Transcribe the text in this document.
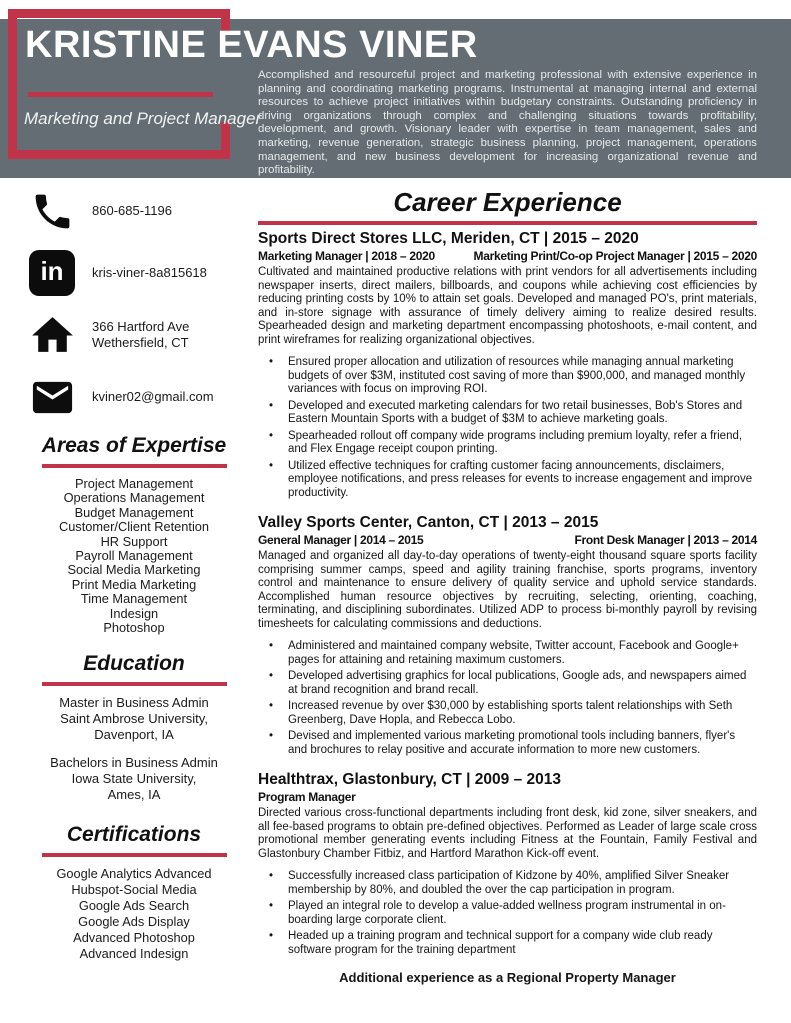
KRISTINE EVANS VINER
Marketing and Project Manager

Accomplished and resourceful project and marketing professional with extensive experience in planning and coordinating marketing programs. Instrumental at managing internal and external resources to achieve project initiatives within budgetary constraints. Outstanding proficiency in driving organizations through complex and challenging situations towards profitability, development, and growth. Visionary leader with expertise in team management, sales and marketing, revenue generation, strategic business planning, project management, operations management, and new business development for increasing organizational revenue and profitability.

860-685-1196
in	kris-viner-8a815618
366 Hartford Ave
Wethersfield, CT
kviner02@gmail.com
Areas of Expertise
Project Management
Operations Management
Budget Management
Customer/Client Retention
HR Support
Payroll Management
Social Media Marketing
Print Media Marketing
Time Management
Indesign
Photoshop
Education
Master in Business Admin
Saint Ambrose University,
Davenport, IA
Bachelors in Business Admin
Iowa State University,
Ames, IA
Certifications
Google Analytics Advanced
Hubspot-Social Media
Google Ads Search
Google Ads Display
Advanced Photoshop
Advanced Indesign
Career Experience
Sports Direct Stores LLC, Meriden, CT | 2015 – 2020
Marketing Manager | 2018 – 2020	Marketing Print/Co-op Project Manager | 2015 – 2020

Cultivated and maintained productive relations with print vendors for all advertisements including newspaper inserts, direct mailers, billboards, and coupons while achieving cost efficiencies by reducing printing costs by 10% to attain set goals. Developed and managed PO's, print materials, and in-store signage with assurance of timely delivery aiming to realize desired results. Spearheaded design and marketing department encompassing photoshoots, e-mail content, and print wireframes for realizing organizational objectives.

• Ensured proper allocation and utilization of resources while managing annual marketing budgets of over $3M, instituted cost saving of more than $900,000, and managed monthly variances with focus on improving ROI.
• Developed and executed marketing calendars for two retail businesses, Bob's Stores and Eastern Mountain Sports with a budget of $3M to achieve marketing goals.
• Spearheaded rollout off company wide programs including premium loyalty, refer a friend, and Flex Engage receipt coupon printing.
• Utilized effective techniques for crafting customer facing announcements, disclaimers, employee notifications, and press releases for events to increase engagement and improve productivity.
Valley Sports Center, Canton, CT | 2013 – 2015
General Manager | 2014 – 2015	Front Desk Manager | 2013 – 2014

Managed and organized all day-to-day operations of twenty-eight thousand square sports facility comprising summer camps, speed and agility training franchise, sports programs, inventory control and maintenance to ensure delivery of quality service and uphold service standards. Accomplished human resource objectives by recruiting, selecting, orienting, coaching, terminating, and disciplining subordinates. Utilized ADP to process bi-monthly payroll by revising timesheets for calculating commissions and deductions.

• Administered and maintained company website, Twitter account, Facebook and Google+ pages for attaining and retaining maximum customers.
• Developed advertising graphics for local publications, Google ads, and newspapers aimed at brand recognition and brand recall.
• Increased revenue by over $30,000 by establishing sports talent relationships with Seth Greenberg, Dave Hopla, and Rebecca Lobo.
• Devised and implemented various marketing promotional tools including banners, flyer's and brochures to relay positive and accurate information to more new customers.
Healthtrax, Glastonbury, CT | 2009 – 2013
Program Manager

Directed various cross-functional departments including front desk, kid zone, silver sneakers, and all fee-based programs to obtain pre-defined objectives. Performed as Leader of large scale cross promotional member generating events including Fitness at the Fountain, Family Festival and Glastonbury Chamber Fitbiz, and Hartford Marathon Kick-off event.

• Successfully increased class participation of Kidzone by 40%, amplified Silver Sneaker membership by 80%, and doubled the over the cap participation in program.
• Played an integral role to develop a value-added wellness program instrumental in on-boarding large corporate client.
• Headed up a training program and technical support for a company wide club ready software program for the training department

Additional experience as a Regional Property Manager
